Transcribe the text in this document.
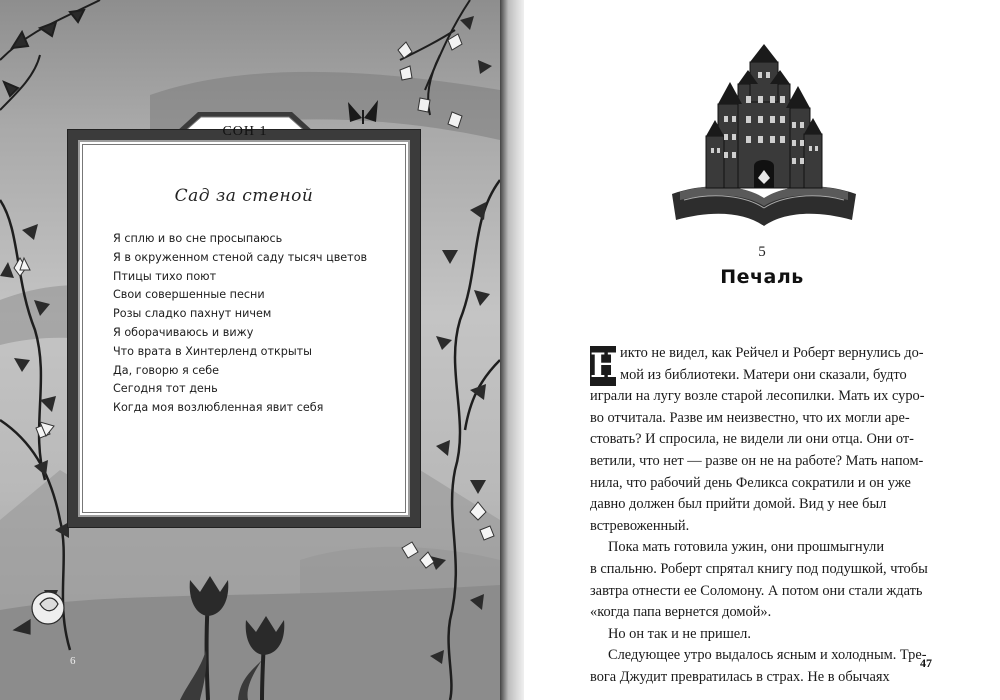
СОН 1
Сад за стеной
Я сплю и во сне просыпаюсь
Я в окруженном стеной саду тысяч цветов
Птицы тихо поют
Свои совершенные песни
Розы сладко пахнут ничем
Я оборачиваюсь и вижу
Что врата в Хинтерленд открыты
Да, говорю я себе
Сегодня тот день
Когда моя возлюбленная явит себя
6
5
Печаль
Н
икто не видел, как Рейчел и Роберт вернулись до-
мой из библиотеки. Матери они сказали, будто
играли на лугу возле старой лесопилки. Мать их суро-
во отчитала. Разве им неизвестно, что их могли аре-
стовать? И спросила, не видели ли они отца. Они от-
ветили, что нет — разве он не на работе? Мать напом-
нила, что рабочий день Феликса сократили и он уже
давно должен был прийти домой. Вид у нее был
встревоженный.
Пока мать готовила ужин, они прошмыгнули
в спальню. Роберт спрятал книгу под подушкой, чтобы
завтра отнести ее Соломону. А потом они стали ждать
«когда папа вернется домой».
Но он так и не пришел.
Следующее утро выдалось ясным и холодным. Тре-
вога Джудит превратилась в страх. Не в обычаях
47
